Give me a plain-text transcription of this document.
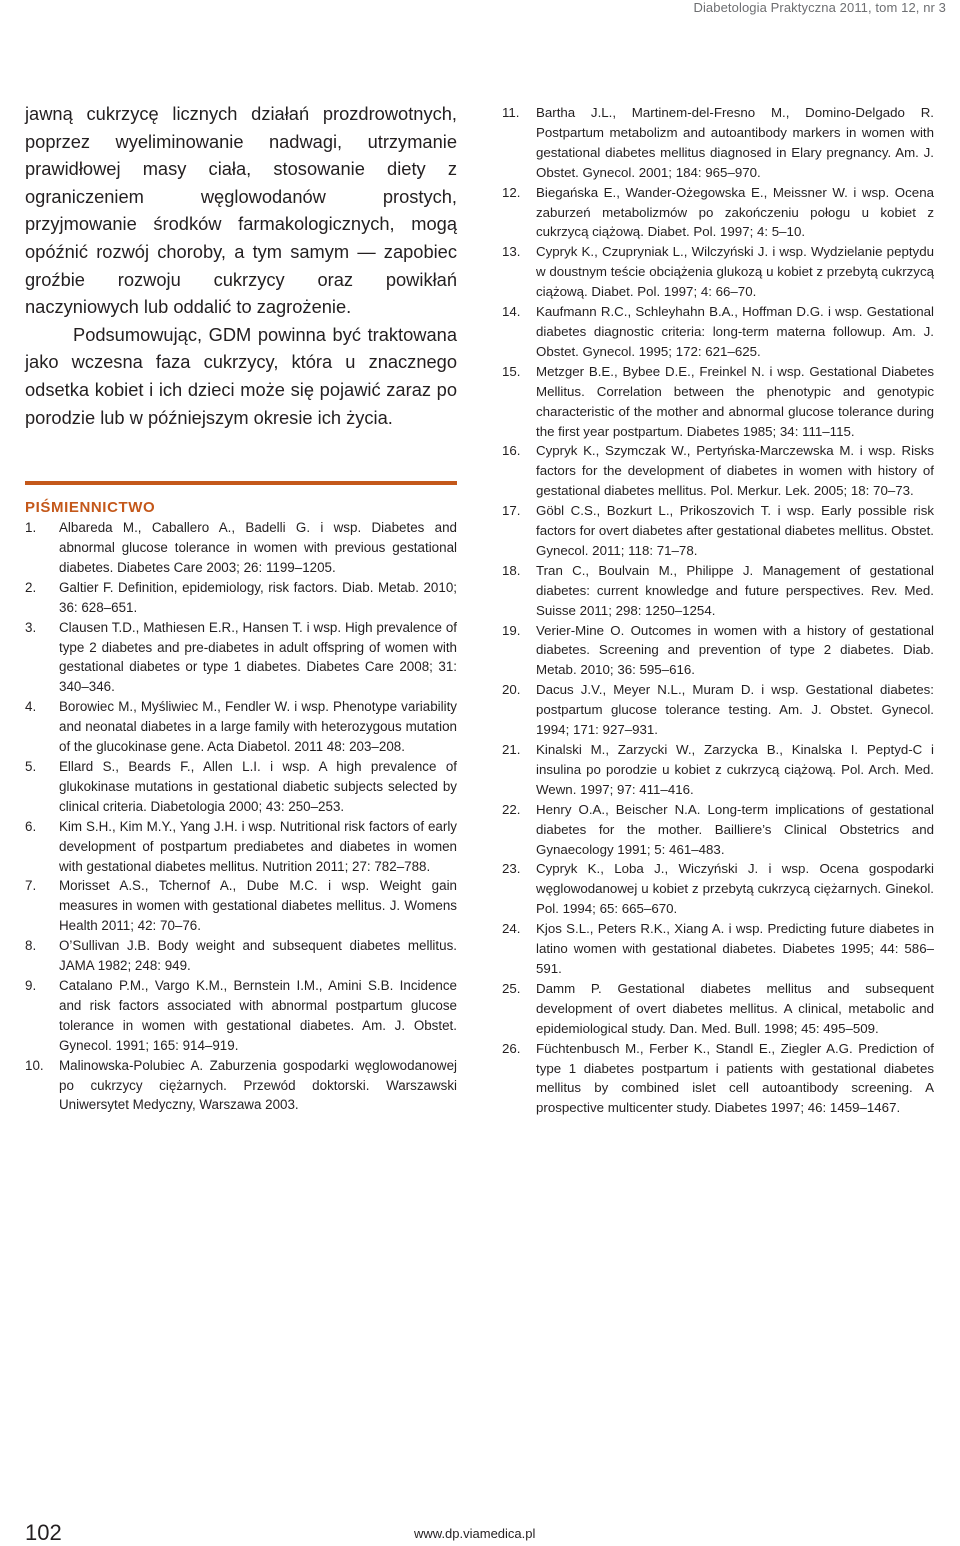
Diabetologia Praktyczna 2011, tom 12, nr 3

jawną cukrzycę licznych działań prozdrowotnych, poprzez wyeliminowanie nadwagi, utrzymanie prawidłowej masy ciała, stosowanie diety z ograniczeniem węglowodanów prostych, przyjmowanie środków farmakologicznych, mogą opóźnić rozwój choroby, a tym samym — zapobiec groźbie rozwoju cukrzycy oraz powikłań naczyniowych lub oddalić to zagrożenie.

Podsumowując, GDM powinna być traktowana jako wczesna faza cukrzycy, która u znacznego odsetka kobiet i ich dzieci może się pojawić zaraz po porodzie lub w późniejszym okresie ich życia.

PIŚMIENNICTWO
1.	Albareda M., Caballero A., Badelli G. i wsp. Diabetes and abnormal glucose tolerance in women with previous gestational diabetes. Diabetes Care 2003; 26: 1199–1205.
2.	Galtier F. Definition, epidemiology, risk factors. Diab. Metab. 2010; 36: 628–651.
3.	Clausen T.D., Mathiesen E.R., Hansen T. i wsp. High prevalence of type 2 diabetes and pre-diabetes in adult offspring of women with gestational diabetes or type 1 diabetes. Diabetes Care 2008; 31: 340–346.
4.	Borowiec M., Myśliwiec M., Fendler W. i wsp. Phenotype variability and neonatal diabetes in a large family with heterozygous mutation of the glucokinase gene. Acta Diabetol. 2011 48: 203–208.
5.	Ellard S., Beards F., Allen L.I. i wsp. A high prevalence of glukokinase mutations in gestational diabetic subjects selected by clinical criteria. Diabetologia 2000; 43: 250–253.
6.	Kim S.H., Kim M.Y., Yang J.H. i wsp. Nutritional risk factors of early development of postpartum prediabetes and diabetes in women with gestational diabetes mellitus. Nutrition 2011; 27: 782–788.
7.	Morisset A.S., Tchernof A., Dube M.C. i wsp. Weight gain measures in women with gestational diabetes mellitus. J. Womens Health 2011; 42: 70–76.
8.	O’Sullivan J.B. Body weight and subsequent diabetes mellitus. JAMA 1982; 248: 949.
9.	Catalano P.M., Vargo K.M., Bernstein I.M., Amini S.B. Incidence and risk factors associated with abnormal postpartum glucose tolerance in women with gestational diabetes. Am. J. Obstet. Gynecol. 1991; 165: 914–919.
10.	Malinowska-Polubiec A. Zaburzenia gospodarki węglowodanowej po cukrzycy ciężarnych. Przewód doktorski. Warszawski Uniwersytet Medyczny, Warszawa 2003.
11.	Bartha J.L., Martinem-del-Fresno M., Domino-Delgado R. Postpartum metabolizm and autoantibody markers in women with gestational diabetes mellitus diagnosed in Elary pregnancy. Am. J. Obstet. Gynecol. 2001; 184: 965–970.
12.	Biegańska E., Wander-Ożegowska E., Meissner W. i wsp. Ocena zaburzeń metabolizmów po zakończeniu połogu u kobiet z cukrzycą ciążową. Diabet. Pol. 1997; 4: 5–10.
13.	Cypryk K., Czupryniak L., Wilczyński J. i wsp. Wydzielanie peptydu w doustnym teście obciążenia glukozą u kobiet z przebytą cukrzycą ciążową. Diabet. Pol. 1997; 4: 66–70.
14.	Kaufmann R.C., Schleyhahn B.A., Hoffman D.G. i wsp. Gestational diabetes diagnostic criteria: long-term materna followup. Am. J. Obstet. Gynecol. 1995; 172: 621–625.
15.	Metzger B.E., Bybee D.E., Freinkel N. i wsp. Gestational Diabetes Mellitus. Correlation between the phenotypic and genotypic characteristic of the mother and abnormal glucose tolerance during the first year postpartum. Diabetes 1985; 34: 111–115.
16.	Cypryk K., Szymczak W., Pertyńska-Marczewska M. i wsp. Risks factors for the development of diabetes in women with history of gestational diabetes mellitus. Pol. Merkur. Lek. 2005; 18: 70–73.
17.	Göbl C.S., Bozkurt L., Prikoszovich T. i wsp. Early possible risk factors for overt diabetes after gestational diabetes mellitus. Obstet. Gynecol. 2011; 118: 71–78.
18.	Tran C., Boulvain M., Philippe J. Management of gestational diabetes: current knowledge and future perspectives. Rev. Med. Suisse 2011; 298: 1250–1254.
19.	Verier-Mine O. Outcomes in women with a history of gestational diabetes. Screening and prevention of type 2 diabetes. Diab. Metab. 2010; 36: 595–616.
20.	Dacus J.V., Meyer N.L., Muram D. i wsp. Gestational diabetes: postpartum glucose tolerance testing. Am. J. Obstet. Gynecol. 1994; 171: 927–931.
21.	Kinalski M., Zarzycki W., Zarzycka B., Kinalska I. Peptyd-C i insulina po porodzie u kobiet z cukrzycą ciążową. Pol. Arch. Med. Wewn. 1997; 97: 411–416.
22.	Henry O.A., Beischer N.A. Long-term implications of gestational diabetes for the mother. Bailliere’s Clinical Obstetrics and Gynaecology 1991; 5: 461–483.
23.	Cypryk K., Loba J., Wiczyński J. i wsp. Ocena gospodarki węglowodanowej u kobiet z przebytą cukrzycą ciężarnych. Ginekol. Pol. 1994; 65: 665–670.
24.	Kjos S.L., Peters R.K., Xiang A. i wsp. Predicting future diabetes in latino women with gestational diabetes. Diabetes 1995; 44: 586–591.
25.	Damm P. Gestational diabetes mellitus and subsequent development of overt diabetes mellitus. A clinical, metabolic and epidemiological study. Dan. Med. Bull. 1998; 45: 495–509.
26.	Füchtenbusch M., Ferber K., Standl E., Ziegler A.G. Prediction of type 1 diabetes postpartum i patients with gestational diabetes mellitus by combined islet cell autoantibody screening. A prospective multicenter study. Diabetes 1997; 46: 1459–1467.
102	www.dp.viamedica.pl
